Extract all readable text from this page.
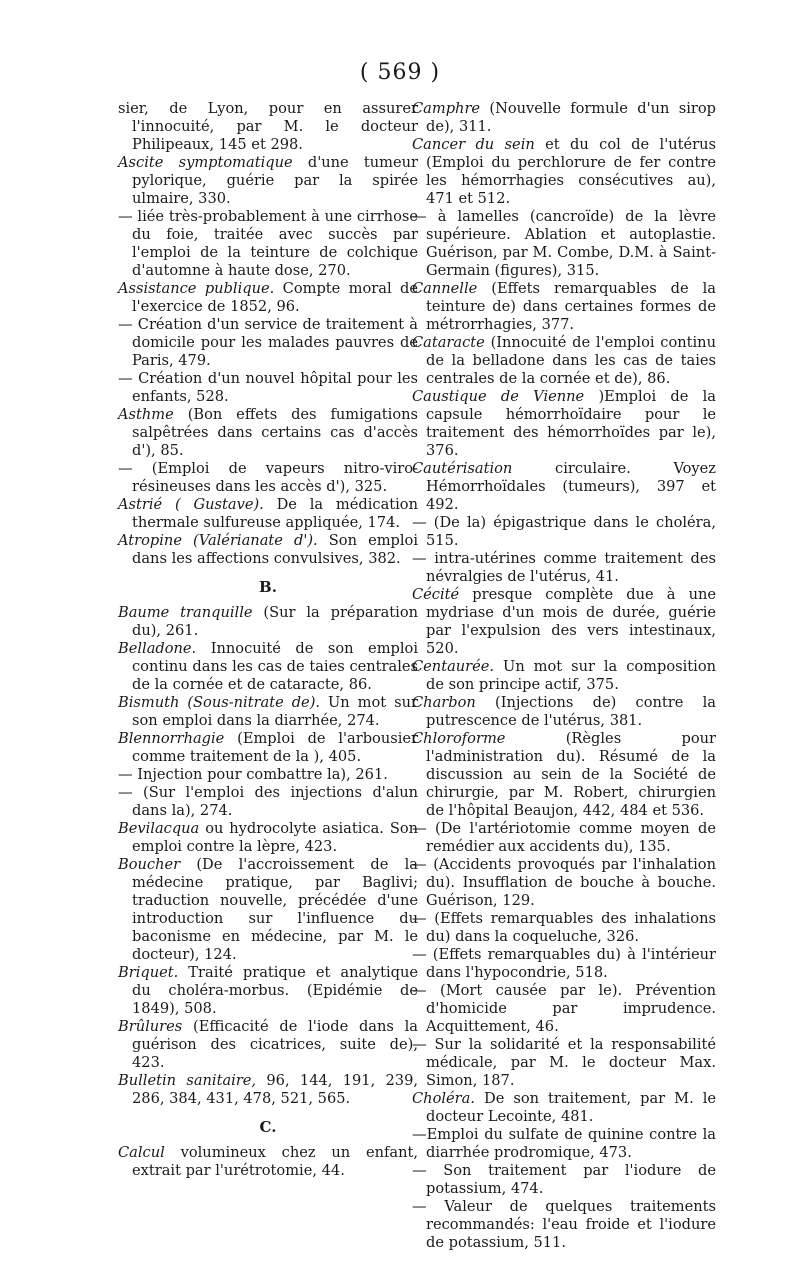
( 569 )

sier, de Lyon, pour en assurer l'innocuité, par M. le docteur Philipeaux, 145 et 298.

Ascite symptomatique d'une tumeur pylorique, guérie par la spirée ulmaire, 330.

— liée très-probablement à une cirrhose du foie, traitée avec succès par l'emploi de la teinture de colchique d'automne à haute dose, 270.

Assistance publique. Compte moral de l'exercice de 1852, 96.

— Création d'un service de traitement à domicile pour les malades pauvres de Paris, 479.

— Création d'un nouvel hôpital pour les enfants, 528.

Asthme (Bon effets des fumigations salpêtrées dans certains cas d'accès d'), 85.

— (Emploi de vapeurs nitro-viro-résineuses dans les accès d'), 325.

Astrié ( Gustave). De la médication thermale sulfureuse appliquée, 174.

Atropine (Valérianate d'). Son emploi dans les affections convulsives, 382.

B.

Baume tranquille (Sur la préparation du), 261.

Belladone. Innocuité de son emploi continu dans les cas de taies centrales de la cornée et de cataracte, 86.

Bismuth (Sous-nitrate de). Un mot sur son emploi dans la diarrhée, 274.

Blennorrhagie (Emploi de l'arbousier comme traitement de la ), 405.

— Injection pour combattre la), 261.

— (Sur l'emploi des injections d'alun dans la), 274.

Bevilacqua ou hydrocolyte asiatica. Son emploi contre la lèpre, 423.

Boucher (De l'accroissement de la médecine pratique, par Baglivi; traduction nouvelle, précédée d'une introduction sur l'influence du baconisme en médecine, par M. le docteur), 124.

Briquet. Traité pratique et analytique du choléra-morbus. (Epidémie de 1849), 508.

Brûlures (Efficacité de l'iode dans la guérison des cicatrices, suite de), 423.

Bulletin sanitaire, 96, 144, 191, 239, 286, 384, 431, 478, 521, 565.

C.

Calcul volumineux chez un enfant, extrait par l'urétrotomie, 44.

Camphre (Nouvelle formule d'un sirop de), 311.

Cancer du sein et du col de l'utérus (Emploi du perchlorure de fer contre les hémorrhagies consécutives au), 471 et 512.

— à lamelles (cancroïde) de la lèvre supérieure. Ablation et autoplastie. Guérison, par M. Combe, D.M. à Saint-Germain (figures), 315.

Cannelle (Effets remarquables de la teinture de) dans certaines formes de métrorrhagies, 377.

Cataracte (Innocuité de l'emploi continu de la belladone dans les cas de taies centrales de la cornée et de), 86.

Caustique de Vienne )Emploi de la capsule hémorrhoïdaire pour le traitement des hémorrhoïdes par le), 376.

Cautérisation	circulaire. Voyez Hémorrhoïdales (tumeurs), 397 et 492.

— (De la) épigastrique dans le choléra, 515.

— intra-utérines comme traitement des névralgies de l'utérus, 41.

Cécité presque complète due à une mydriase d'un mois de durée, guérie par l'expulsion des vers intestinaux, 520.

Centaurée. Un mot sur la composition de son principe actif, 375.

Charbon (Injections de) contre la putrescence de l'utérus, 381.

Chloroforme	(Règles pour l'administration du). Résumé de la discussion au sein de la Société de chirurgie, par M. Robert, chirurgien de l'hôpital Beaujon, 442, 484 et 536.

— (De l'artériotomie comme moyen de remédier aux accidents du), 135.

— (Accidents provoqués par l'inhalation du). Insufflation de bouche à bouche. Guérison, 129.

— (Effets remarquables des inhalations du) dans la coqueluche, 326.

— (Effets remarquables du) à l'intérieur dans l'hypocondrie, 518.

— (Mort causée par le). Prévention d'homicide par imprudence. Acquittement, 46.

— Sur la solidarité et la responsabilité médicale, par M. le docteur Max. Simon, 187.

Choléra. De son traitement, par M. le docteur Lecointe, 481.

—Emploi du sulfate de quinine contre la diarrhée prodromique, 473.

— Son traitement par l'iodure de potassium, 474.

— Valeur de quelques traitements recommandés: l'eau froide et l'iodure de potassium, 511.
